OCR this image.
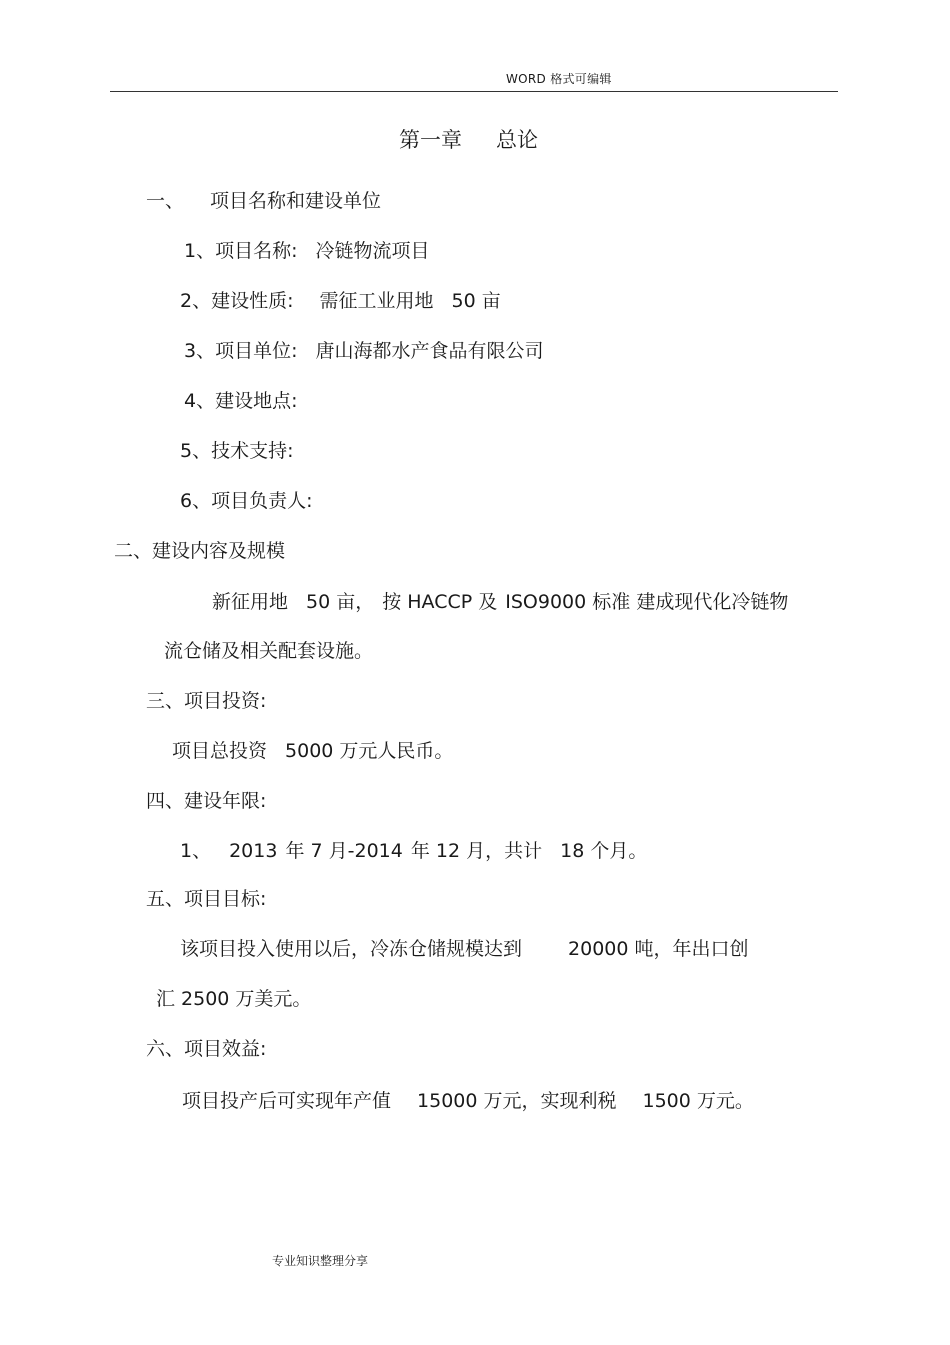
WORD 格式可编辑
第一章 总论
一、 项目名称和建设单位
1、项目名称: 冷链物流项目
2、建设性质: 需征工业用地 50 亩
3、项目单位: 唐山海都水产食品有限公司
4、建设地点:
5、技术支持:
6、项目负责人:
二、建设内容及规模
新征用地 50 亩， 按 HACCP 及 ISO9000 标准 建成现代化冷链物
流仓储及相关配套设施。
三、项目投资:
项目总投资 5000 万元人民币。
四、建设年限:
1、 2013 年 7 月-2014 年 12 月，共计 18 个月。
五、项目目标:
该项目投入使用以后，冷冻仓储规模达到 20000 吨，年出口创
汇 2500 万美元。
六、项目效益:
项目投产后可实现年产值 15000 万元，实现利税 1500 万元。
专业知识整理分享
